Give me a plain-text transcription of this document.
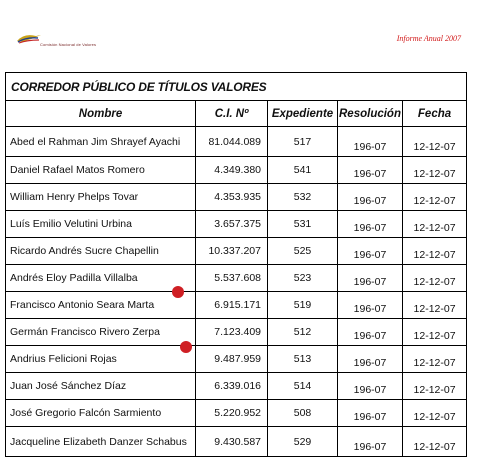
Comisión Nacional de Valores
Informe Anual 2007
CORREDOR PÚBLICO DE TÍTULOS VALORES				
Nombre	C.I. Nº	Expediente	Resolución	Fecha
Abed el Rahman Jim Shrayef Ayachi	81.044.089	517	196-07	12-12-07
Daniel Rafael Matos Romero	4.349.380	541	196-07	12-12-07
William Henry Phelps Tovar	4.353.935	532	196-07	12-12-07
Luís Emilio Velutini Urbina	3.657.375	531	196-07	12-12-07
Ricardo Andrés Sucre Chapellin	10.337.207	525	196-07	12-12-07
Andrés Eloy Padilla Villalba	5.537.608	523	196-07	12-12-07
Francisco Antonio Seara Marta	6.915.171	519	196-07	12-12-07
Germán Francisco Rivero Zerpa	7.123.409	512	196-07	12-12-07
Andrius Felicioni Rojas	9.487.959	513	196-07	12-12-07
Juan José Sánchez Díaz	6.339.016	514	196-07	12-12-07
José Gregorio Falcón Sarmiento	5.220.952	508	196-07	12-12-07
Jacqueline Elizabeth Danzer Schabus	9.430.587	529	196-07	12-12-07
